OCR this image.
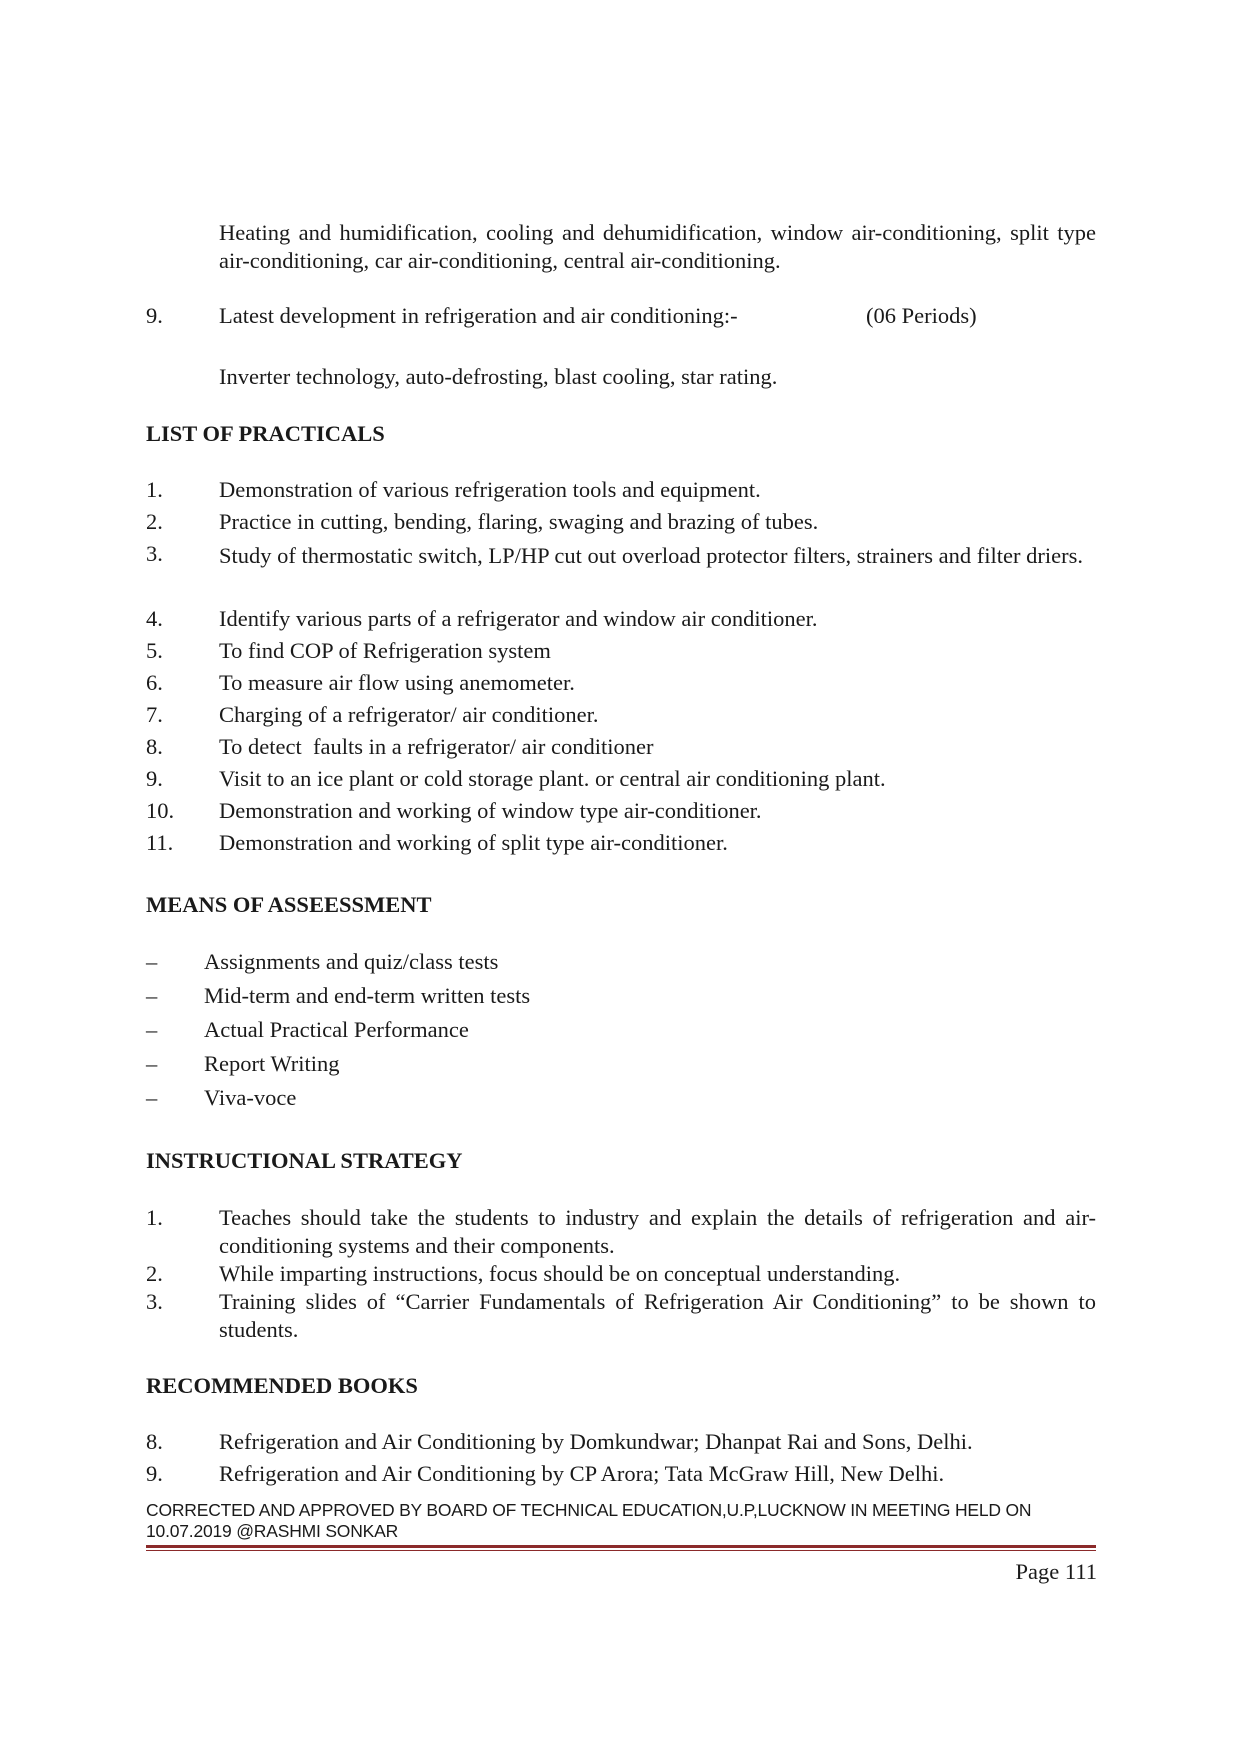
Heating and humidification, cooling and dehumidification, window air-conditioning, split type air-conditioning, car air-conditioning, central air-conditioning.
9. Latest development in refrigeration and air conditioning:-	(06 Periods)
Inverter technology, auto-defrosting, blast cooling, star rating.
LIST OF PRACTICALS
1. Demonstration of various refrigeration tools and equipment.
2. Practice in cutting, bending, flaring, swaging and brazing of tubes.
3. Study of thermostatic switch, LP/HP cut out overload protector filters, strainers and filter driers.
4. Identify various parts of a refrigerator and window air conditioner.
5. To find COP of Refrigeration system
6. To measure air flow using anemometer.
7. Charging of a refrigerator/ air conditioner.
8. To detect  faults in a refrigerator/ air conditioner
9. Visit to an ice plant or cold storage plant. or central air conditioning plant.
10. Demonstration and working of window type air-conditioner.
11. Demonstration and working of split type air-conditioner.
MEANS OF ASSEESSMENT
– Assignments and quiz/class tests
– Mid-term and end-term written tests
– Actual Practical Performance
– Report Writing
– Viva-voce
INSTRUCTIONAL STRATEGY
1. Teaches should take the students to industry and explain the details of refrigeration and air-conditioning systems and their components.
2. While imparting instructions, focus should be on conceptual understanding.
3. Training slides of “Carrier Fundamentals of Refrigeration Air Conditioning” to be shown to students.
RECOMMENDED BOOKS
8. Refrigeration and Air Conditioning by Domkundwar; Dhanpat Rai and Sons, Delhi.
9. Refrigeration and Air Conditioning by CP Arora; Tata McGraw Hill, New Delhi.
CORRECTED AND APPROVED BY BOARD OF TECHNICAL EDUCATION,U.P,LUCKNOW IN MEETING HELD ON
10.07.2019 @RASHMI SONKAR
Page 111
